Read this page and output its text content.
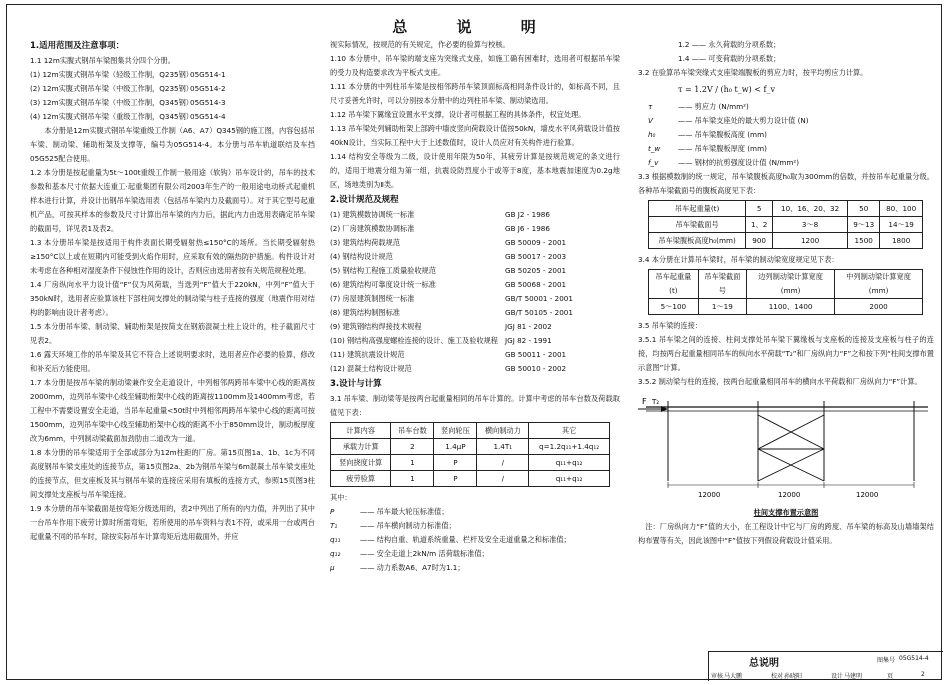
总 说 明
1.适用范围及注意事项：

1.1 12m实腹式钢吊车梁图集共分四个分册。

(1) 12m实腹式钢吊车梁（轻级工作制，Q235钢）
05G514-1
(2) 12m实腹式钢吊车梁（中级工作制，Q235钢）
05G514-2
(3) 12m实腹式钢吊车梁（中级工作制，Q345钢）
05G514-3
(4) 12m实腹式钢吊车梁（重级工作制，Q345钢）
05G514-4

本分册是12m实腹式钢吊车梁重级工作制（A6、A7）Q345钢的施工图，内容包括吊车梁、制动梁、辅助桁架及支撑等，编号为05G514-4。本分册与吊车轨道联结及车挡05G525配合使用。

1.2 本分册是按起重量为5t～100t重级工作制一般用途（软钩）吊车设计的，吊车的技术参数和基本尺寸依据大连重工·起重集团有限公司2003年生产的一般用途电动桥式起重机样本进行计算，并设计出钢吊车梁选用表（包括吊车梁内力及截面号）。对于其它型号起重机产品，可按其样本的参数及尺寸计算出吊车梁的内力后，据此内力由选用表确定吊车梁的截面号，详见表1及表2。

1.3 本分册吊车梁是按适用于构件表面长期受辐射热≤150°C的场所。当长期受辐射热≥150°C以上或在短期内可能受到火焰作用时，应采取有效的隔热防护措施。构件设计对未考虑在各种相对湿度条件下侵蚀性作用的设计，否则应由选用者按有关规范规程处理。

1.4 厂房纵向水平力设计值“F”仅为风荷载，当选列“F”值大于220kN，中列“F”值大于350kN时，选用者应验算该柱下部柱间支撑处的制动梁与柱子连接的强度（地震作用对结构的影响由设计者考虑）。

1.5 本分册吊车梁、制动梁、辅助桁架是按简支在钢筋混凝土柱上设计的，柱子截面尺寸见表2。

1.6 露天环境工作的吊车梁及其它不符合上述说明要求时，选用者应作必要的验算，修改和补充后方能使用。

1.7 本分册是按吊车梁的制动梁兼作安全走道设计，中列相邻两跨吊车梁中心线的距离按2000mm，边列吊车梁中心线至辅助桁架中心线的距离按1100mm及1400mm考虑，若工程中不需要设置安全走道，当吊车起重量<50t时中列相邻两跨吊车梁中心线的距离可按1500mm，边列吊车梁中心线至辅助桁架中心线的距离不小于850mm设计，制动板厚度改为6mm，中列制动梁截面加劲肋由二道改为一道。

1.8 本分册的吊车梁适用于全部或部分为12m柱距的厂房。第15页图1a、1b、1c为不同高度钢吊车梁支座处的连接节点，第15页图2a、2b为钢吊车梁与6m混凝土吊车梁支座处的连接节点，但支座板及其与钢吊车梁的连接应采用有填板的连接方式，参照15页图3柱间支撑处支座板与吊车梁连接。

1.9 本分册的吊车梁截面是按弯矩分级选用的，表2中列出了所有的内力值，并列出了其中一台吊车作用下疲劳计算时所需弯矩，若所使用的吊车资料与表1不符，或采用一台或两台起重量不同的吊车时，除按实际吊车计算弯矩后选用截面外，并应

视实际情况，按规范的有关规定，作必要的验算与校核。

1.10 本分册中，吊车梁的端支座为突缘式支座，如施工确有困难时，选用者可根据吊车梁的受力及构造要求改为平板式支座。

1.11 本分册的中列柱吊车梁是按相邻跨吊车梁顶面标高相同条件设计的，如标高不同，且尺寸妥善允许时，可以分别按本分册中的边列柱吊车梁、制动梁选用。

1.12 吊车梁下翼缘宜设置水平支撑，设计者可根据工程的具体条件，权宜处理。

1.13 吊车梁处列辅助桁架上部跨中墙皮竖向荷载设计值按50kN，墙皮水平风荷载设计值按40kN设计，当实际工程中大于上述数值时，设计人员应对有关构件进行验算。

1.14 结构安全等级为二级，设计使用年限为50年，其疲劳计算是按规范规定的条文进行的，适用于地震分组为第一组，抗震设防烈度小于或等于8度，基本地震加速度为0.2g地区，场地类别为Ⅱ类。

2.设计规范及规程
(1) 建筑模数协调统一标准	GB J2 - 1986
(2) 厂房建筑模数协调标准	GB J6 - 1986
(3) 建筑结构荷载规范	GB 50009 - 2001
(4) 钢结构设计规范	GB 50017 - 2003
(5) 钢结构工程施工质量验收规范	GB 50205 - 2001
(6) 建筑结构可靠度设计统一标准	GB 50068 - 2001
(7) 房屋建筑制图统一标准	GB/T 50001 - 2001
(8) 建筑结构制图标准	GB/T 50105 - 2001
(9) 建筑钢结构焊接技术规程	JGJ 81 - 2002
(10) 钢结构高强度螺栓连接的设计、施工及验收规程 JGJ 82 - 1991
(11) 建筑抗震设计规范	GB 50011 - 2001
(12) 混凝土结构设计规范	GB 50010 - 2002
3.设计与计算

3.1 吊车梁、制动梁等是按两台起重量相同的吊车计算的。计算中考虑的吊车台数及荷载取值见下表：

计算内容	吊车台数	竖向轮压	横向制动力	其它
承载力计算	2	1.4μP	1.4T₁	q=1.2q₁₁+1.4q₁₂
竖向挠度计算	1	P	/	q₁₁+q₁₂
疲劳验算	1	P	/	q₁₁+q₁₂
其中：
P	—— 吊车最大轮压标准值；
T₁	—— 吊车横向制动力标准值；
q₁₁	—— 结构自重、轨道系统重量、栏杆及安全走道重量之和标准值；
q₁₂	—— 安全走道上2kN/m 活荷载标准值；
μ	—— 动力系数A6、A7时为1.1；
1.2 —— 永久荷载的分项系数；
1.4 —— 可变荷载的分项系数；

3.2 在验算吊车梁突缘式支座梁端腹板的剪应力时，按平均剪应力计算。

τ = 1.2V / (h₀ t_w) < f_v
τ	—— 剪应力 (N/mm²)
V	—— 吊车梁支座处的最大剪力设计值 (N)
h₀	—— 吊车梁腹板高度 (mm)
t_w	—— 吊车梁腹板厚度 (mm)
f_v	—— 钢材的抗剪强度设计值 (N/mm²)

3.3 根据模数制的统一规定，吊车梁腹板高度h₀取为300mm的倍数，并按吊车起重量分级。各种吊车梁截面号的腹板高度见下表：

吊车起重量(t)	5	10、16、20、32	50	80、100
吊车梁截面号	1、2	3～8	9～13	14～19
吊车梁腹板高度h₀(mm)	900	1200	1500	1800

3.4 本分册在计算吊车梁时，吊车梁的制动梁宽度规定见下表：

吊车起重量(t)	吊车梁截面号	边列制动梁计算宽度(mm)	中列制动梁计算宽度(mm)
5～100	1～19	1100、1400	2000

3.5 吊车梁的连接：

3.5.1 吊车梁之间的连接、柱间支撑处吊车梁下翼缘板与支座板的连接及支座板与柱子的连接，均按两台起重量相同吊车的纵向水平荷载“T₂”和厂房纵向力“F”之和按下列“柱间支撑布置示意图”计算。

3.5.2 制动梁与柱的连接，按两台起重量相同吊车的横向水平荷载和厂房纵向力“F”计算。

F T₂
12000	12000	12000
柱间支撑布置示意图

注：厂房纵向力“F”值的大小，在工程设计中它与厂房的跨度、吊车梁的标高及山墙墙架结构布置等有关，因此该图中“F”值按下列假设荷载设计值采用。

总说明	图集号 05G514-4
审核 马大鹏	校对 孙晓阳	设计 马建明	页	2
